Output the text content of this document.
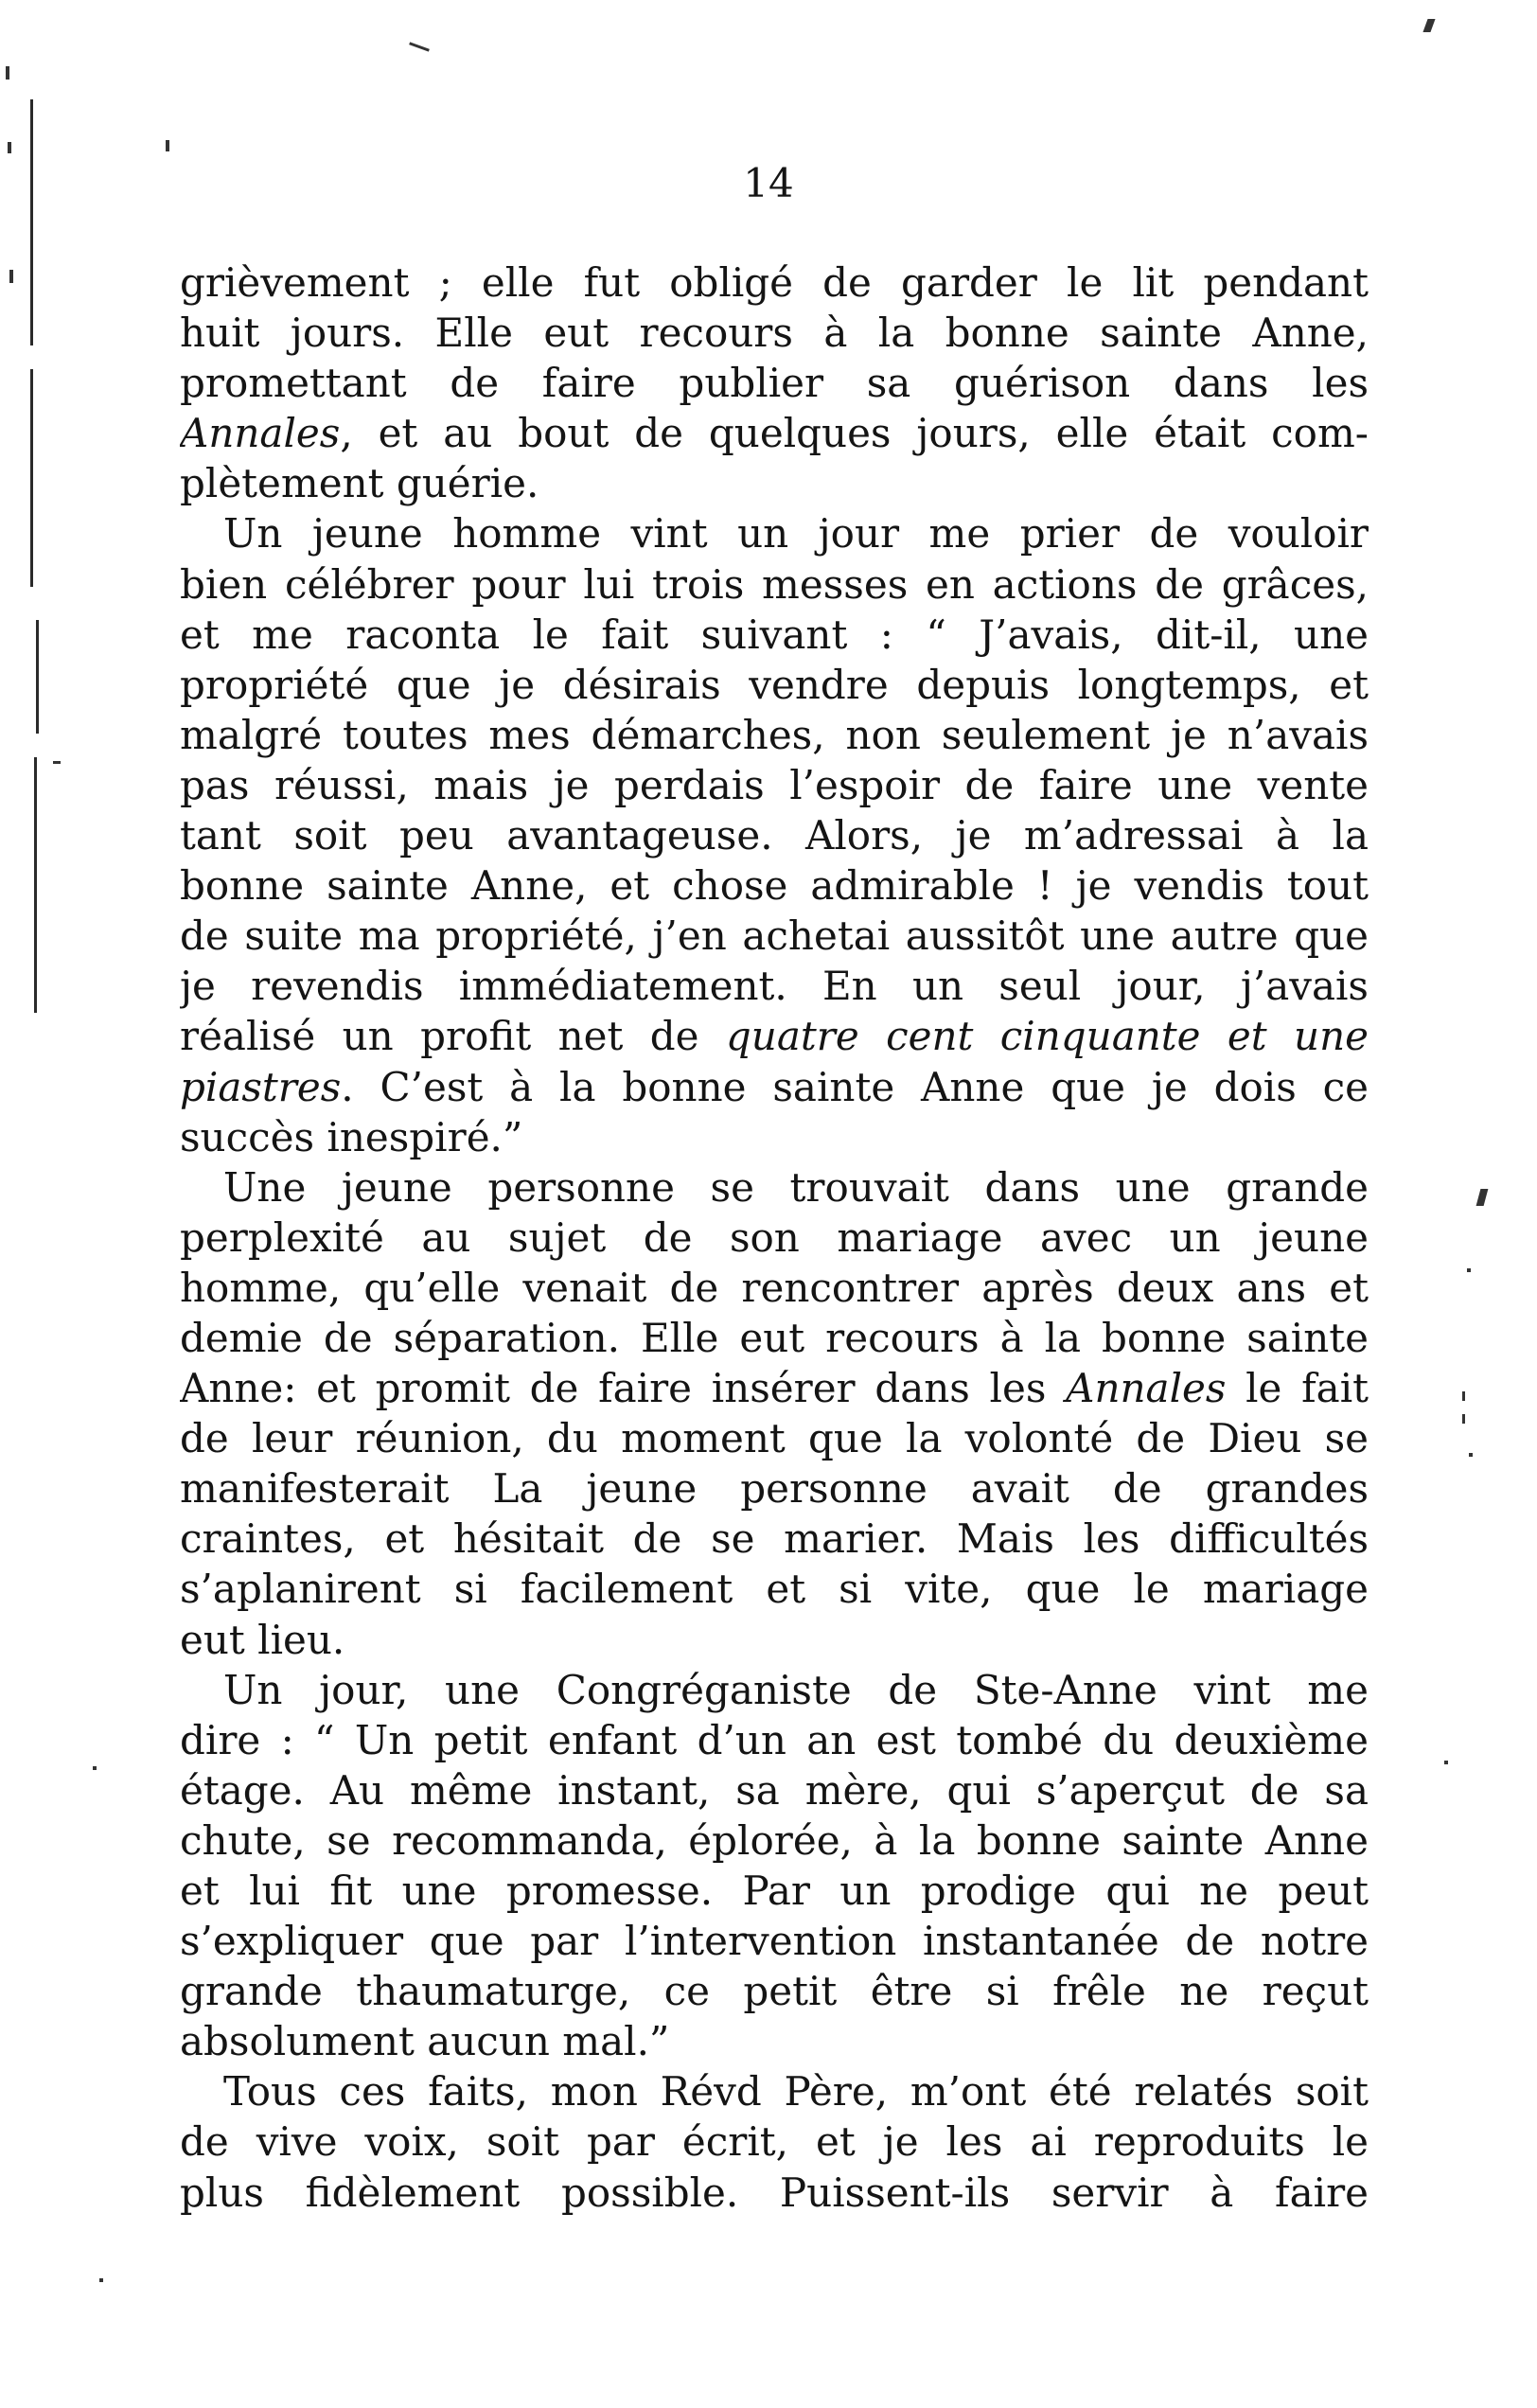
14
grièvement ; elle fut obligé de garder le lit pendant
huit jours. Elle eut recours à la bonne sainte Anne,
promettant de faire publier sa guérison dans les
Annales, et au bout de quelques jours, elle était com-
plètement guérie.
Un jeune homme vint un jour me prier de vouloir
bien célébrer pour lui trois messes en actions de grâces,
et me raconta le fait suivant : “ J’avais, dit-il, une
propriété que je désirais vendre depuis longtemps, et
malgré toutes mes démarches, non seulement je n’avais
pas réussi, mais je perdais l’espoir de faire une vente
tant soit peu avantageuse. Alors, je m’adressai à la
bonne sainte Anne, et chose admirable ! je vendis tout
de suite ma propriété, j’en achetai aussitôt une autre que
je revendis immédiatement. En un seul jour, j’avais
réalisé un profit net de quatre cent cinquante et une
piastres. C’est à la bonne sainte Anne que je dois ce
succès inespiré.”
Une jeune personne se trouvait dans une grande
perplexité au sujet de son mariage avec un jeune
homme, qu’elle venait de rencontrer après deux ans et
demie de séparation. Elle eut recours à la bonne sainte
Anne: et promit de faire insérer dans les Annales le fait
de leur réunion, du moment que la volonté de Dieu se
manifesterait La jeune personne avait de grandes
craintes, et hésitait de se marier. Mais les difficultés
s’aplanirent si facilement et si vite, que le mariage
eut lieu.
Un jour, une Congréganiste de Ste-Anne vint me
dire : “ Un petit enfant d’un an est tombé du deuxième
étage. Au même instant, sa mère, qui s’aperçut de sa
chute, se recommanda, éplorée, à la bonne sainte Anne
et lui fit une promesse. Par un prodige qui ne peut
s’expliquer que par l’intervention instantanée de notre
grande thaumaturge, ce petit être si frêle ne reçut
absolument aucun mal.”
Tous ces faits, mon Révd Père, m’ont été relatés soit
de vive voix, soit par écrit, et je les ai reproduits le
plus fidèlement possible. Puissent-ils servir à faire
